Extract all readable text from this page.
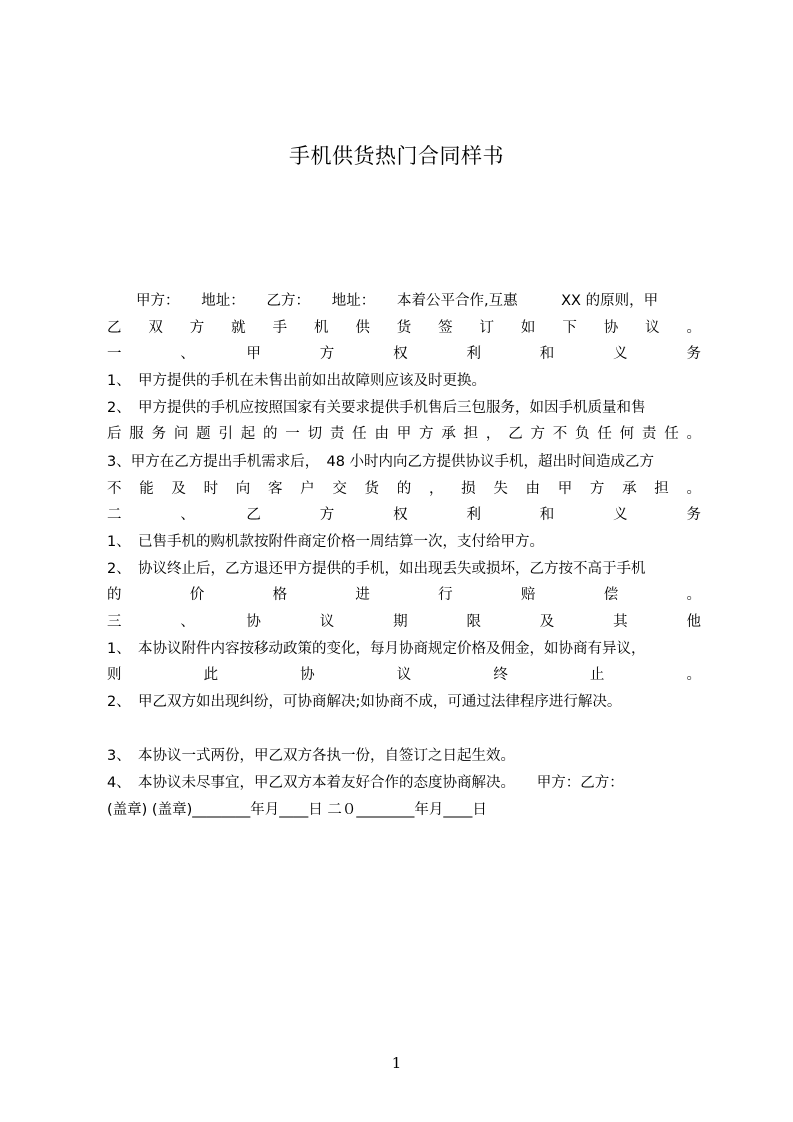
手机供货热门合同样书
　　甲方：　　地址：　　乙方：　　地址：　　本着公平合作,互惠　　　XX 的原则，甲
乙 双 方 就 手 机 供 货 签 订 如 下 协 议 。
一　、　甲　方　权　利　和　义　务
1、　甲方提供的手机在未售出前如出故障则应该及时更换。
2、　甲方提供的手机应按照国家有关要求提供手机售后三包服务，如因手机质量和售
后服务问题引起的一切责任由甲方承担，乙方不负任何责任。
3、甲方在乙方提出手机需求后，　48 小时内向乙方提供协议手机，超出时间造成乙方
不 能 及 时 向 客 户 交 货 的 ， 损 失 由 甲 方 承 担 。
二　、　乙　方　权　利　和　义　务
1、　已售手机的购机款按附件商定价格一周结算一次，支付给甲方。
2、　协议终止后，乙方退还甲方提供的手机，如出现丢失或损坏，乙方按不高于手机
的　价　格　进　行　赔　偿　。
三　、　协　议　期　限　及　其　他
1、　本协议附件内容按移动政策的变化，每月协商规定价格及佣金，如协商有异议，
则　此　协　议　终　止　。
2、　甲乙双方如出现纠纷，可协商解决;如协商不成，可通过法律程序进行解决。
3、　本协议一式两份，甲乙双方各执一份，自签订之日起生效。
4、　本协议未尽事宜，甲乙双方本着友好合作的态度协商解决。　　甲方：乙方：
(盖章) (盖章)________年月____日 二０________年月____日
1
